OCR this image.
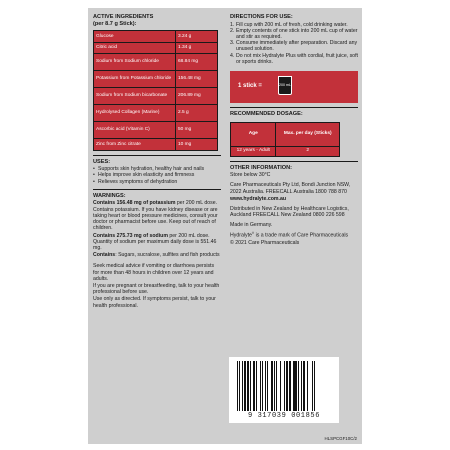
ACTIVE INGREDIENTS
(per 8.7 g Stick):
Glucose	3.24 g
Citric acid	1.34 g
Sodium from Sodium chloride	68.84 mg
Potassium from Potassium chloride	156.48 mg
Sodium from Sodium bicarbonate	206.89 mg
Hydrolysed Collagen (Marine)	2.5 g
Ascorbic acid (Vitamin C)	50 mg
Zinc from Zinc citrate	10 mg
USES:
• Supports skin hydration, healthy hair and nails
• Helps improve skin elasticity and firmness
• Relieves symptoms of dehydration
WARNINGS:
Contains 156.48 mg of potassium per 200 mL dose. Contains potassium. If you have kidney disease or are taking heart or blood pressure medicines, consult your doctor or pharmacist before use. Keep out of reach of children.
Contains 275.73 mg of sodium per 200 mL dose. Quantity of sodium per maximum daily dose is 551.46 mg.
Contains: Sugars, sucralose, sulfites and fish products
Seek medical advice if vomiting or diarrhoea persists for more than 48 hours in children over 12 years and adults.
If you are pregnant or breastfeeding, talk to your health professional before use.
Use only as directed. If symptoms persist, talk to your health professional.
DIRECTIONS FOR USE:
1. Fill cup with 200 mL of fresh, cold drinking water.
2. Empty contents of one stick into 200 mL cup of water and stir as required.
3. Consume immediately after preparation. Discard any unused solution.
4. Do not mix Hydralyte Plus with cordial, fruit juice, soft or sports drinks.
1 stick =	200 mL
RECOMMENDED DOSAGE:
Age	Max. per day (Sticks)
12 years - Adult	2
OTHER INFORMATION:
Store below 30°C
Care Pharmaceuticals Pty Ltd, Bondi Junction NSW, 2022 Australia. FREECALL Australia 1800 788 870
www.hydralyte.com.au
Distributed in New Zealand by Healthcare Logistics, Auckland FREECALL New Zealand 0800 226 598
Made in Germany.
Hydralyte® is a trade mark of Care Pharmaceuticals
© 2021 Care Pharmaceuticals
9 317039 001856
HLSPCGF10C/2
